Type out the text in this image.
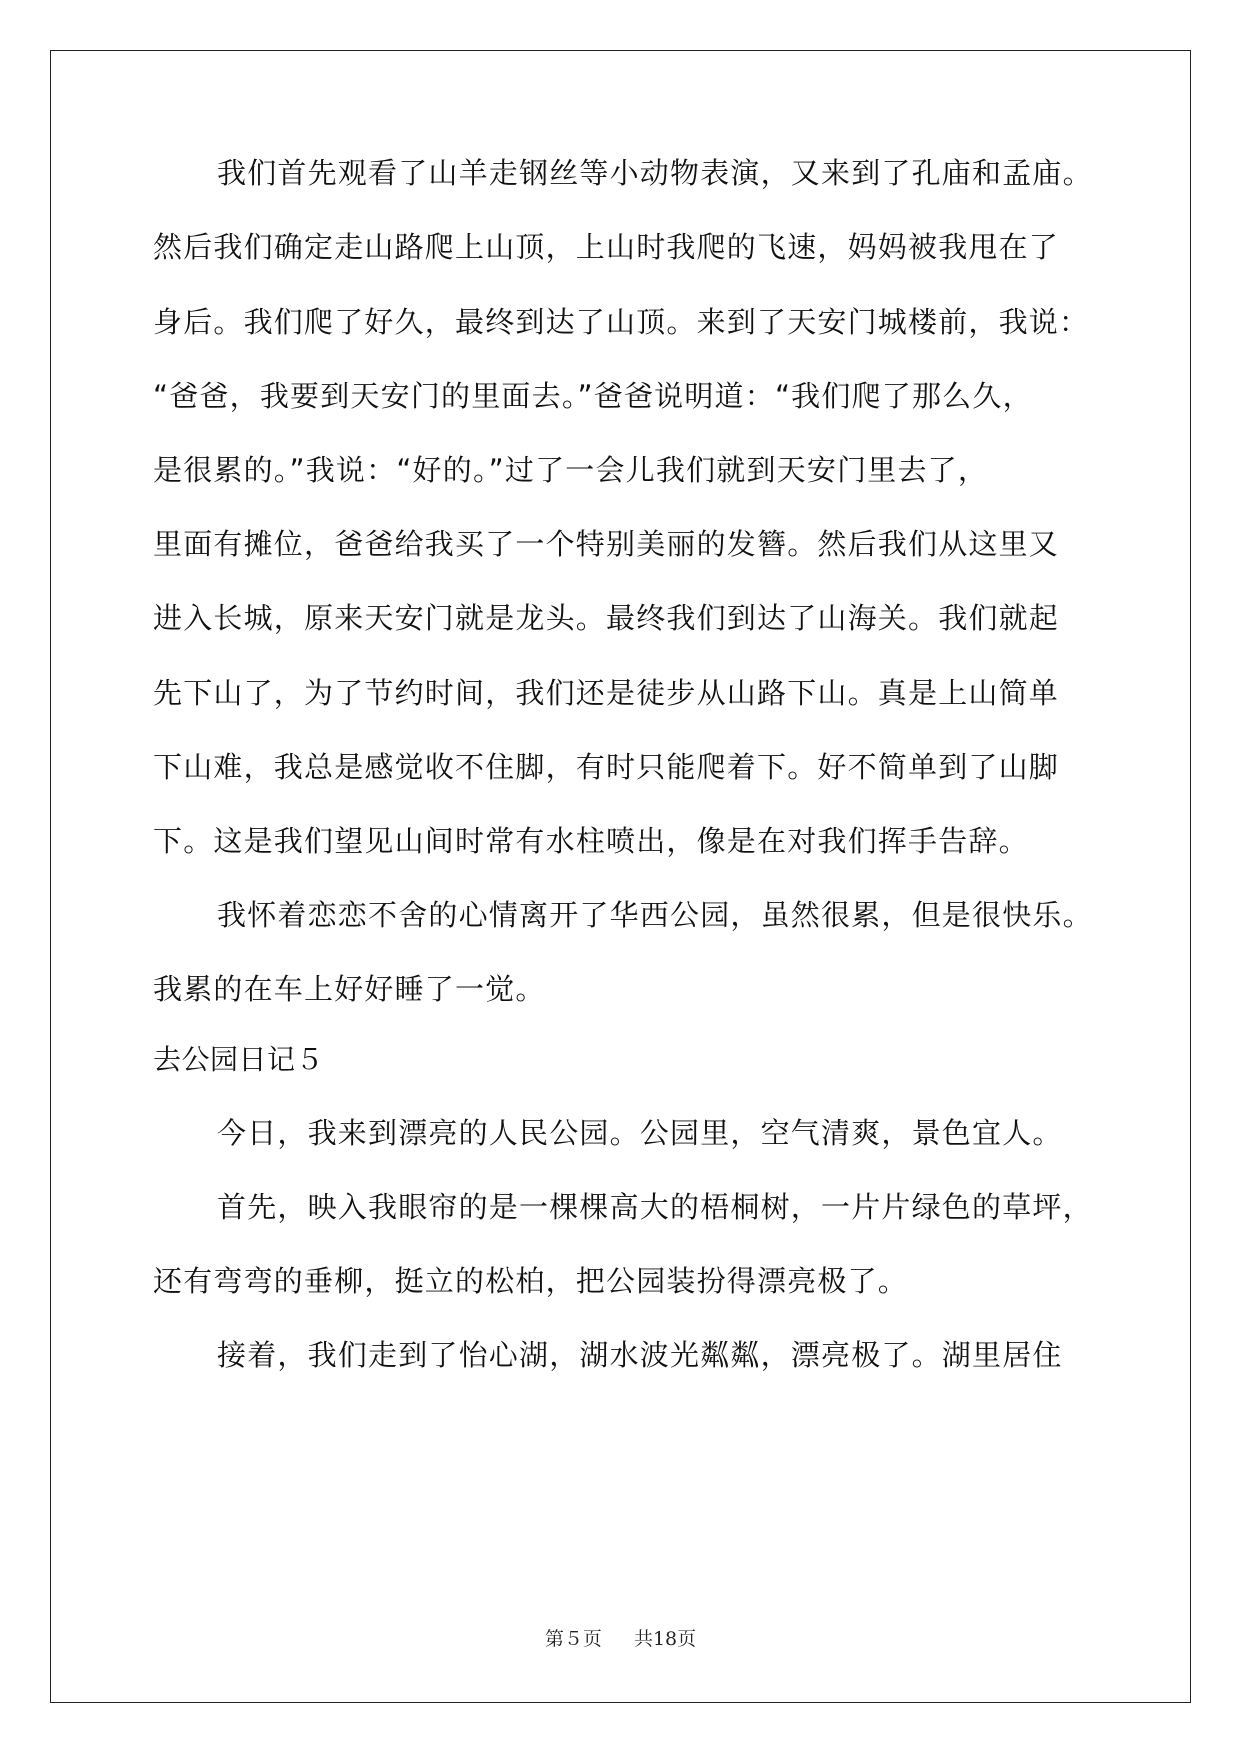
我们首先观看了山羊走钢丝等小动物表演，又来到了孔庙和孟庙。
然后我们确定走山路爬上山顶，上山时我爬的飞速，妈妈被我甩在了
身后。我们爬了好久，最终到达了山顶。来到了天安门城楼前，我说：
“爸爸，我要到天安门的里面去。”爸爸说明道：“我们爬了那么久，
是很累的。”我说：“好的。”过了一会儿我们就到天安门里去了，
里面有摊位，爸爸给我买了一个特别美丽的发簪。然后我们从这里又
进入长城，原来天安门就是龙头。最终我们到达了山海关。我们就起
先下山了，为了节约时间，我们还是徒步从山路下山。真是上山简单
下山难，我总是感觉收不住脚，有时只能爬着下。好不简单到了山脚
下。这是我们望见山间时常有水柱喷出，像是在对我们挥手告辞。
我怀着恋恋不舍的心情离开了华西公园，虽然很累，但是很快乐。
我累的在车上好好睡了一觉。
去公园日记５
今日，我来到漂亮的人民公园。公园里，空气清爽，景色宜人。
首先，映入我眼帘的是一棵棵高大的梧桐树，一片片绿色的草坪，
还有弯弯的垂柳，挺立的松柏，把公园装扮得漂亮极了。
接着，我们走到了怡心湖，湖水波光粼粼，漂亮极了。湖里居住
第５页 共18页
